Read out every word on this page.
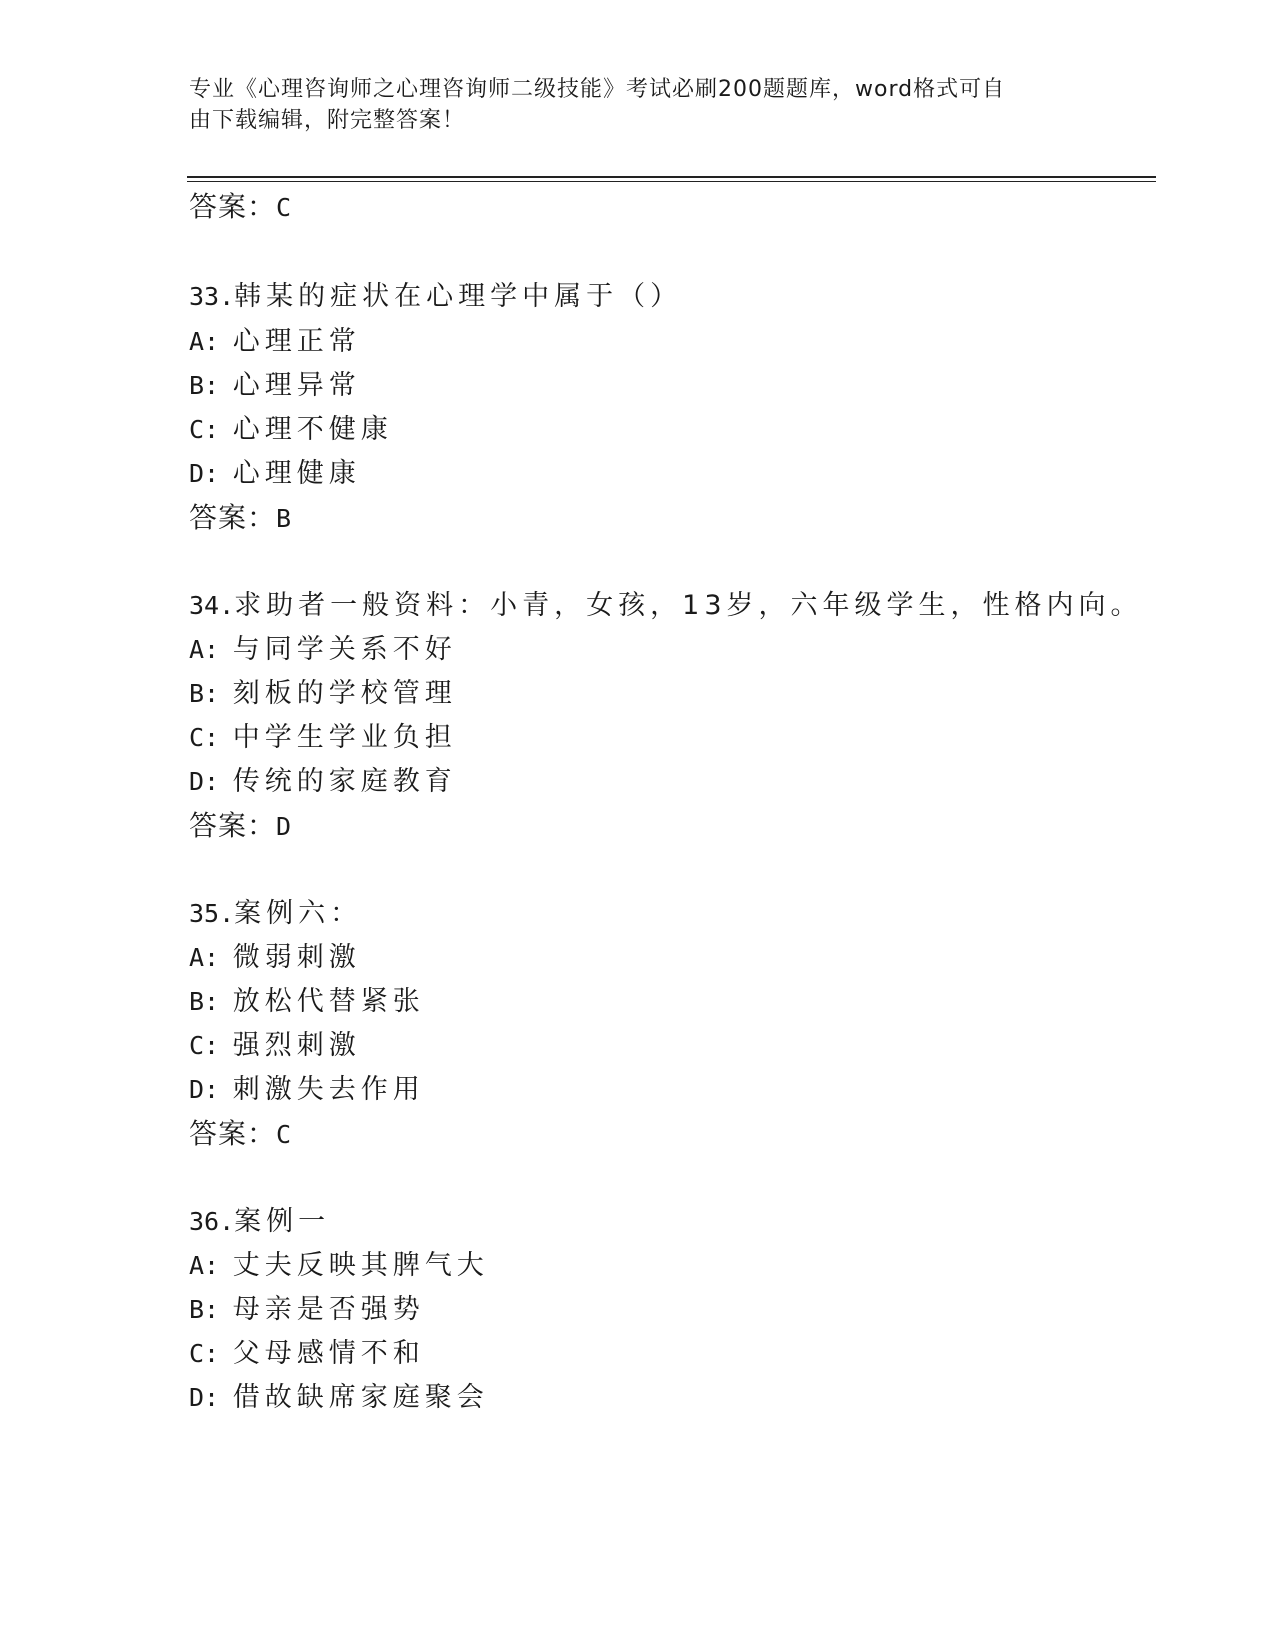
专业《心理咨询师之心理咨询师二级技能》考试必刷200题题库，word格式可自
由下载编辑，附完整答案！
答案：C
33.韩某的症状在心理学中属于（）
A: 心理正常
B: 心理异常
C: 心理不健康
D: 心理健康
答案：B
34.求助者一般资料：小青，女孩，13岁，六年级学生，性格内向。
A: 与同学关系不好
B: 刻板的学校管理
C: 中学生学业负担
D: 传统的家庭教育
答案：D
35.案例六：
A: 微弱刺激
B: 放松代替紧张
C: 强烈刺激
D: 刺激失去作用
答案：C
36.案例一
A: 丈夫反映其脾气大
B: 母亲是否强势
C: 父母感情不和
D: 借故缺席家庭聚会
